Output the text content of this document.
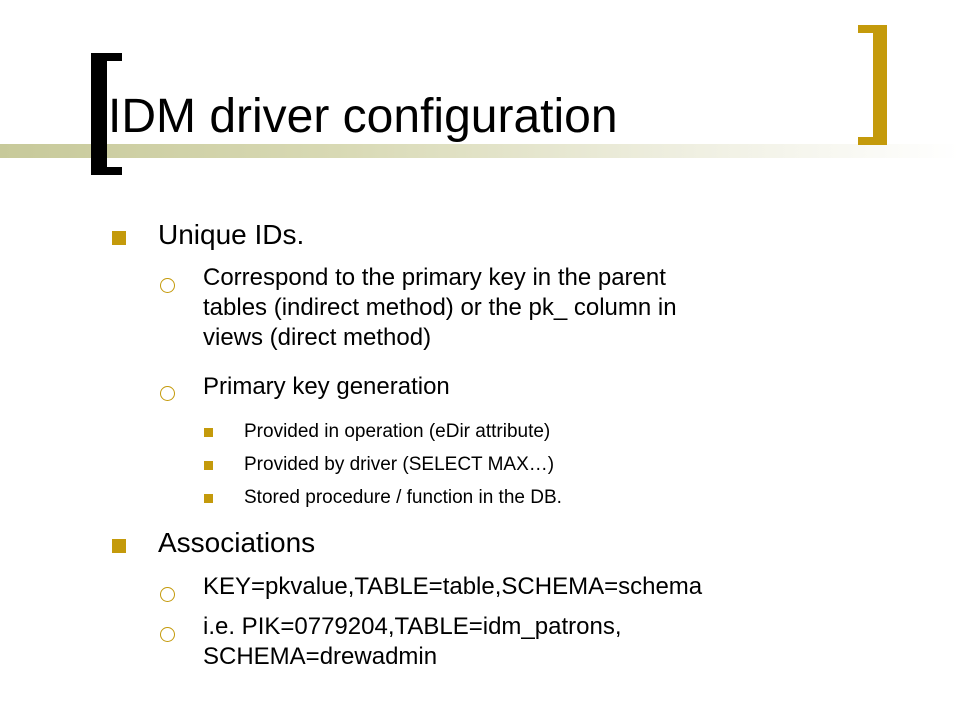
IDM driver configuration
Unique IDs.
Correspond to the primary key in the parent
tables (indirect method) or the pk_ column in
views (direct method)
Primary key generation
Provided in operation (eDir attribute)
Provided by driver (SELECT MAX…)
Stored procedure / function in the DB.
Associations
KEY=pkvalue,TABLE=table,SCHEMA=schema
i.e. PIK=0779204,TABLE=idm_patrons,
SCHEMA=drewadmin
